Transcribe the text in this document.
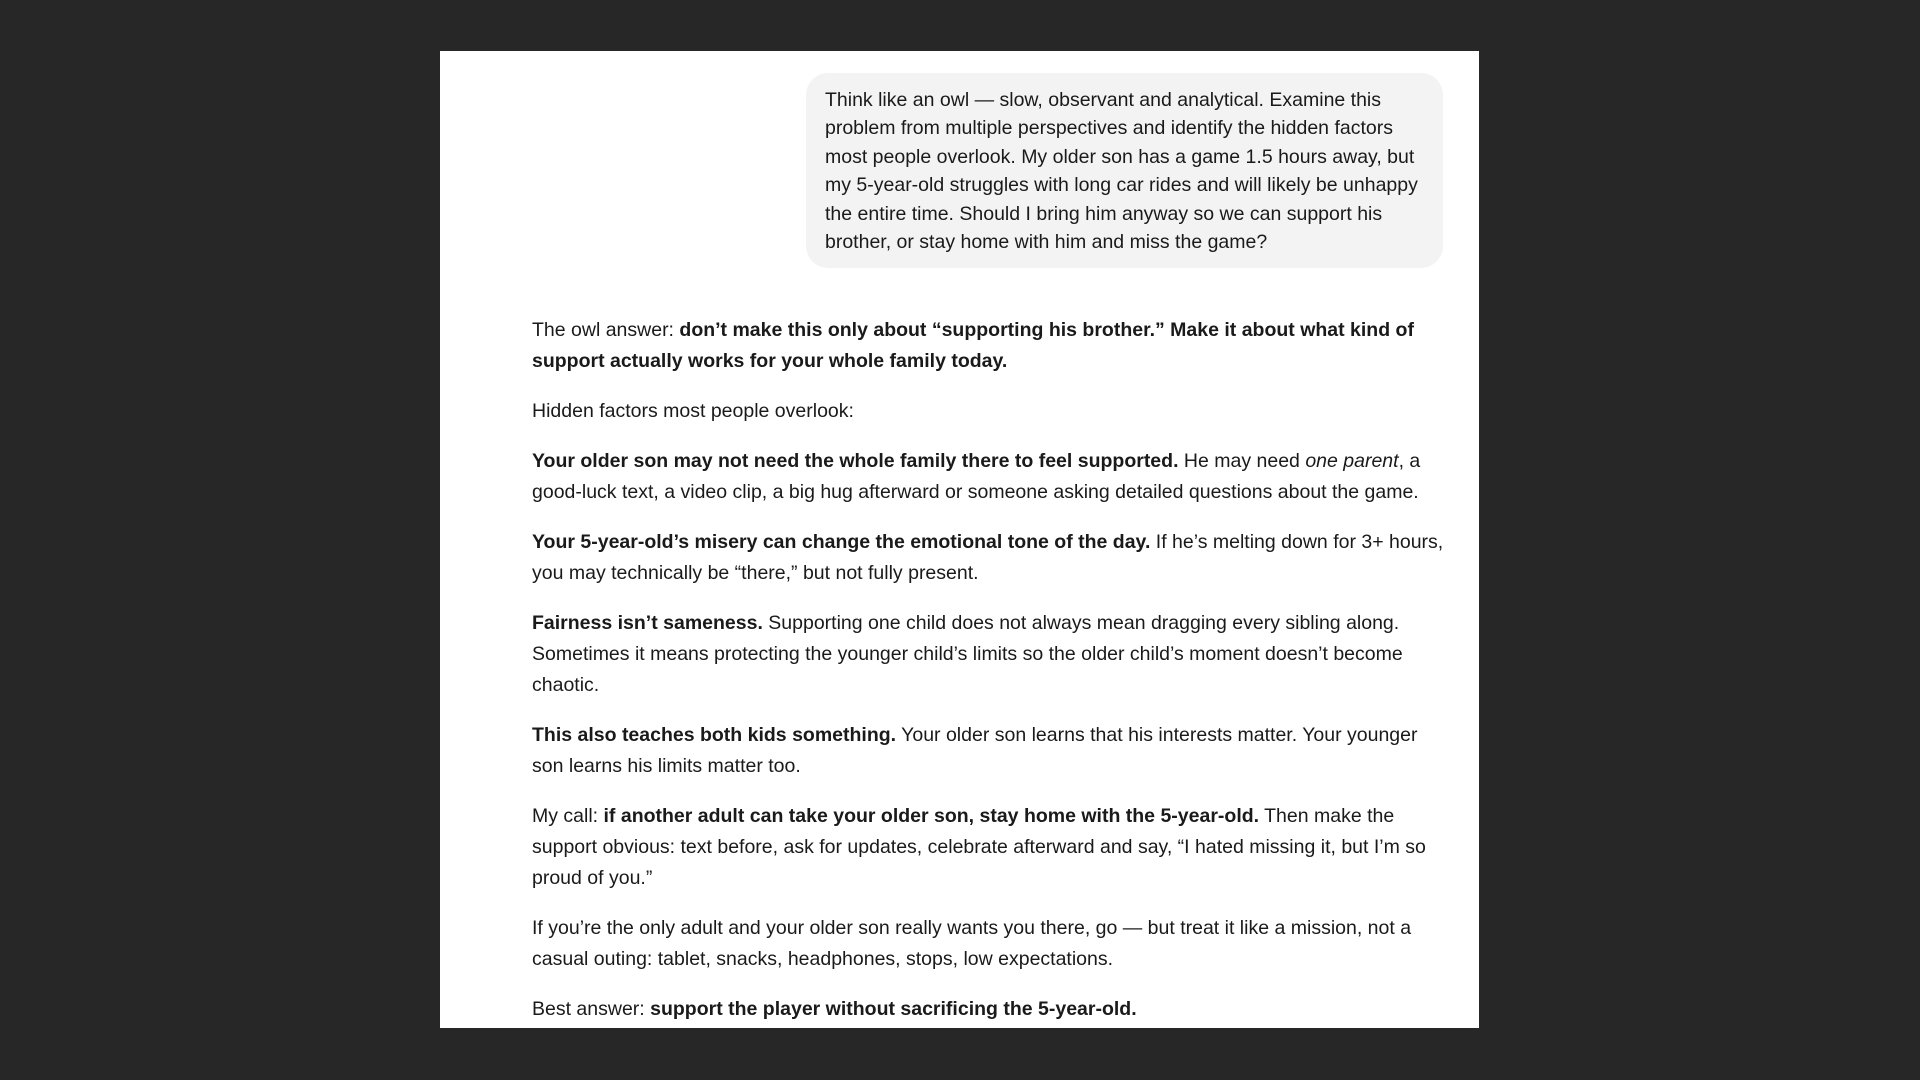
Think like an owl — slow, observant and analytical. Examine this problem from multiple perspectives and identify the hidden factors most people overlook. My older son has a game 1.5 hours away, but my 5-year-old struggles with long car rides and will likely be unhappy the entire time. Should I bring him anyway so we can support his brother, or stay home with him and miss the game?

The owl answer: don’t make this only about “supporting his brother.” Make it about what kind of support actually works for your whole family today.

Hidden factors most people overlook:

Your older son may not need the whole family there to feel supported. He may need one parent, a good-luck text, a video clip, a big hug afterward or someone asking detailed questions about the game.

Your 5-year-old’s misery can change the emotional tone of the day. If he’s melting down for 3+ hours, you may technically be “there,” but not fully present.

Fairness isn’t sameness. Supporting one child does not always mean dragging every sibling along. Sometimes it means protecting the younger child’s limits so the older child’s moment doesn’t become chaotic.

This also teaches both kids something. Your older son learns that his interests matter. Your younger son learns his limits matter too.

My call: if another adult can take your older son, stay home with the 5-year-old. Then make the support obvious: text before, ask for updates, celebrate afterward and say, “I hated missing it, but I’m so proud of you.”

If you’re the only adult and your older son really wants you there, go — but treat it like a mission, not a casual outing: tablet, snacks, headphones, stops, low expectations.

Best answer: support the player without sacrificing the 5-year-old.
